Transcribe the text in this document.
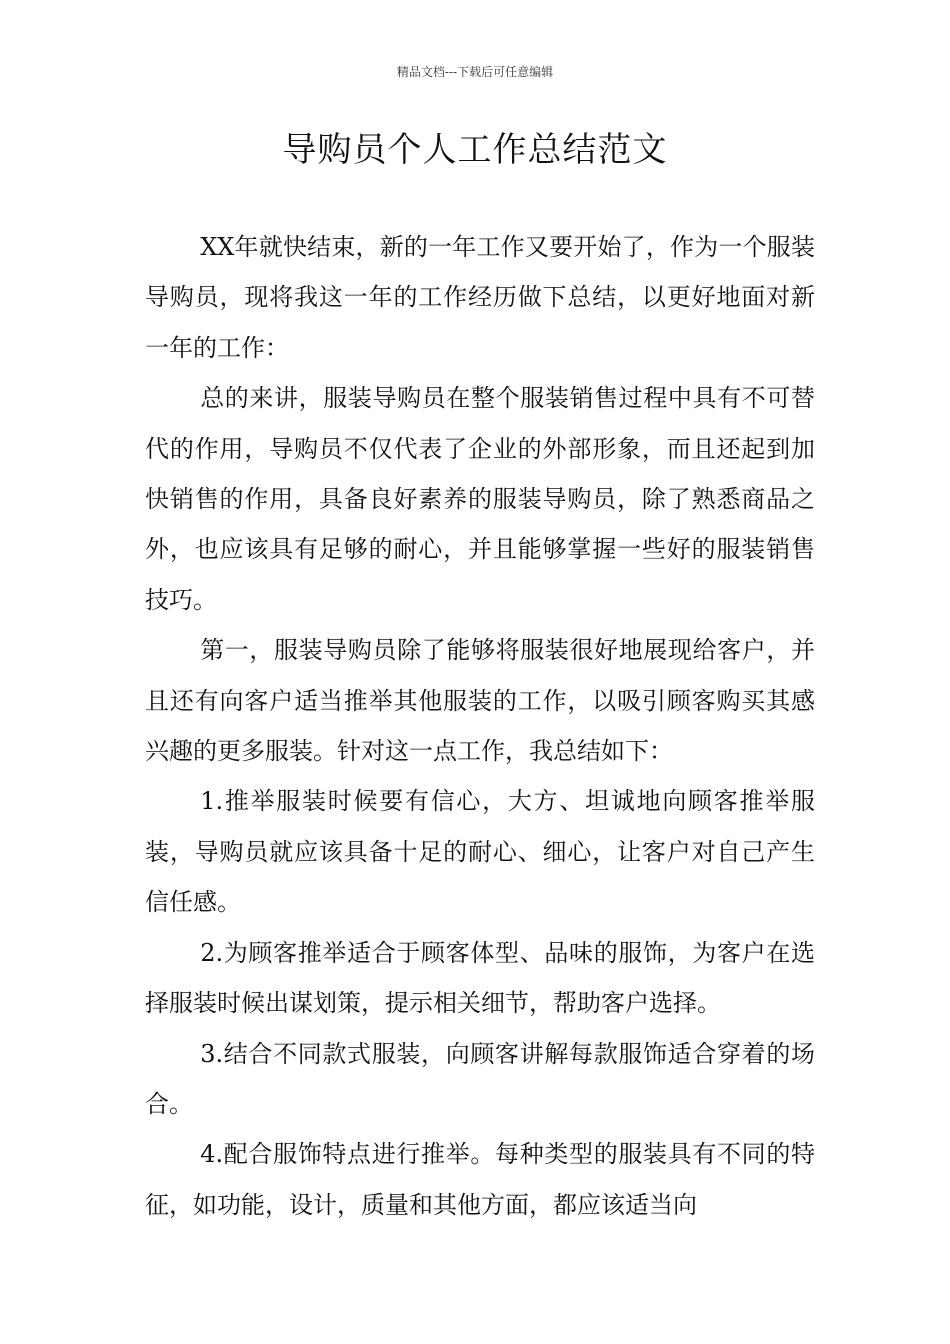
精品文档---下载后可任意编辑
导购员个人工作总结范文

XX年就快结束，新的一年工作又要开始了，作为一个服装导购员，现将我这一年的工作经历做下总结，以更好地面对新一年的工作：

总的来讲，服装导购员在整个服装销售过程中具有不可替代的作用，导购员不仅代表了企业的外部形象，而且还起到加快销售的作用，具备良好素养的服装导购员，除了熟悉商品之外，也应该具有足够的耐心，并且能够掌握一些好的服装销售技巧。

第一，服装导购员除了能够将服装很好地展现给客户，并且还有向客户适当推举其他服装的工作，以吸引顾客购买其感兴趣的更多服装。针对这一点工作，我总结如下：

1.推举服装时候要有信心，大方、坦诚地向顾客推举服装，导购员就应该具备十足的耐心、细心，让客户对自己产生信任感。

2.为顾客推举适合于顾客体型、品味的服饰，为客户在选择服装时候出谋划策，提示相关细节，帮助客户选择。

3.结合不同款式服装，向顾客讲解每款服饰适合穿着的场合。

4.配合服饰特点进行推举。每种类型的服装具有不同的特征，如功能，设计，质量和其他方面，都应该适当向
